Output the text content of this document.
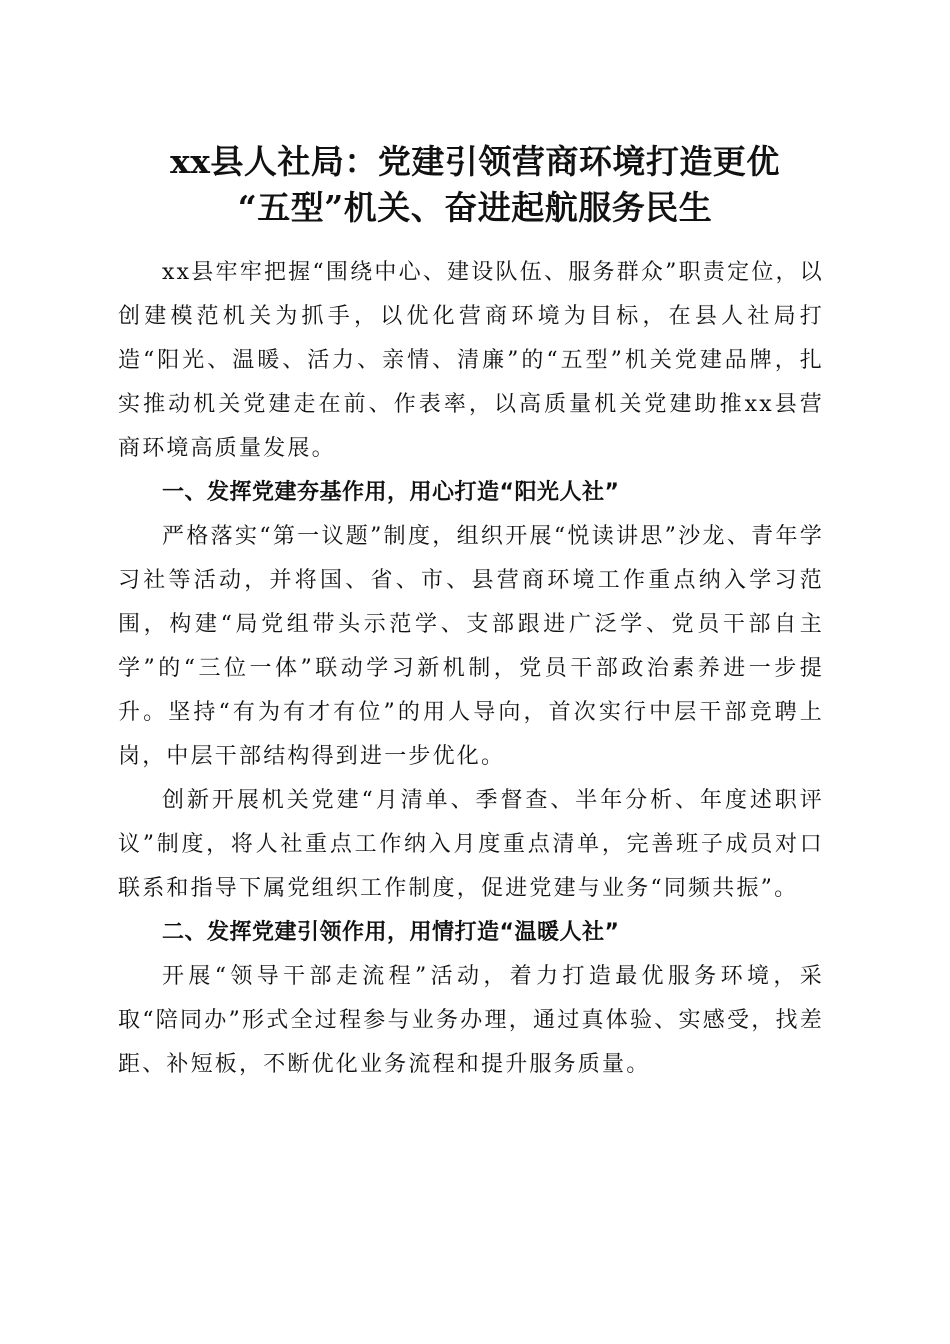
xx县人社局：党建引领营商环境打造更优
“五型”机关、奋进起航服务民生

xx县牢牢把握“围绕中心、建设队伍、服务群众”职责定位，以创建模范机关为抓手，以优化营商环境为目标，在县人社局打造“阳光、温暖、活力、亲情、清廉”的“五型”机关党建品牌，扎实推动机关党建走在前、作表率，以高质量机关党建助推xx县营商环境高质量发展。

一、发挥党建夯基作用，用心打造“阳光人社”

严格落实“第一议题”制度，组织开展“悦读讲思”沙龙、青年学习社等活动，并将国、省、市、县营商环境工作重点纳入学习范围，构建“局党组带头示范学、支部跟进广泛学、党员干部自主学”的“三位一体”联动学习新机制，党员干部政治素养进一步提升。坚持“有为有才有位”的用人导向，首次实行中层干部竞聘上岗，中层干部结构得到进一步优化。

创新开展机关党建“月清单、季督查、半年分析、年度述职评议”制度，将人社重点工作纳入月度重点清单，完善班子成员对口联系和指导下属党组织工作制度，促进党建与业务“同频共振”。

二、发挥党建引领作用，用情打造“温暖人社”

开展“领导干部走流程”活动，着力打造最优服务环境，采取“陪同办”形式全过程参与业务办理，通过真体验、实感受，找差距、补短板，不断优化业务流程和提升服务质量。
